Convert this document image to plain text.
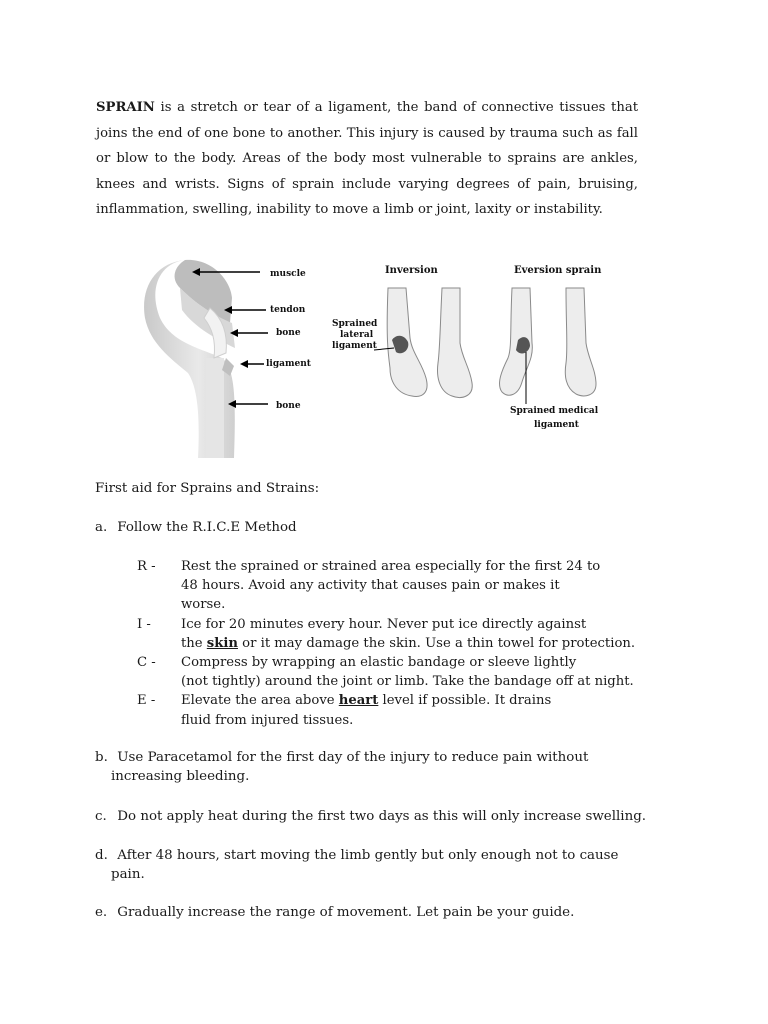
SPRAIN is a stretch or tear of a ligament, the band of connective tissues that joins the end of one bone to another. This injury is caused by trauma such as fall or blow to the body. Areas of the body most vulnerable to sprains are ankles, knees and wrists. Signs of sprain include varying degrees of pain, bruising, inflammation, swelling, inability to move a limb or joint, laxity or instability.

muscle
tendon
bone
ligament
bone
Inversion	Eversion sprain
Sprained
lateral
ligament
Sprained medical
ligament
First aid for Sprains and Strains:

a. Follow the R.I.C.E Method

R -	Rest the sprained or strained area especially for the first 24 to
48 hours. Avoid any activity that causes pain or makes it
worse.
I -	Ice for 20 minutes every hour. Never put ice directly against
the skin or it may damage the skin. Use a thin towel for protection.
C -	Compress by wrapping an elastic bandage or sleeve lightly
(not tightly) around the joint or limb. Take the bandage off at night.
E -	Elevate the area above heart level if possible. It drains
fluid from injured tissues.

b. Use Paracetamol for the first day of the injury to reduce pain without
increasing bleeding.

c. Do not apply heat during the first two days as this will only increase swelling.

d. After 48 hours, start moving the limb gently but only enough not to cause
pain.

e. Gradually increase the range of movement. Let pain be your guide.
